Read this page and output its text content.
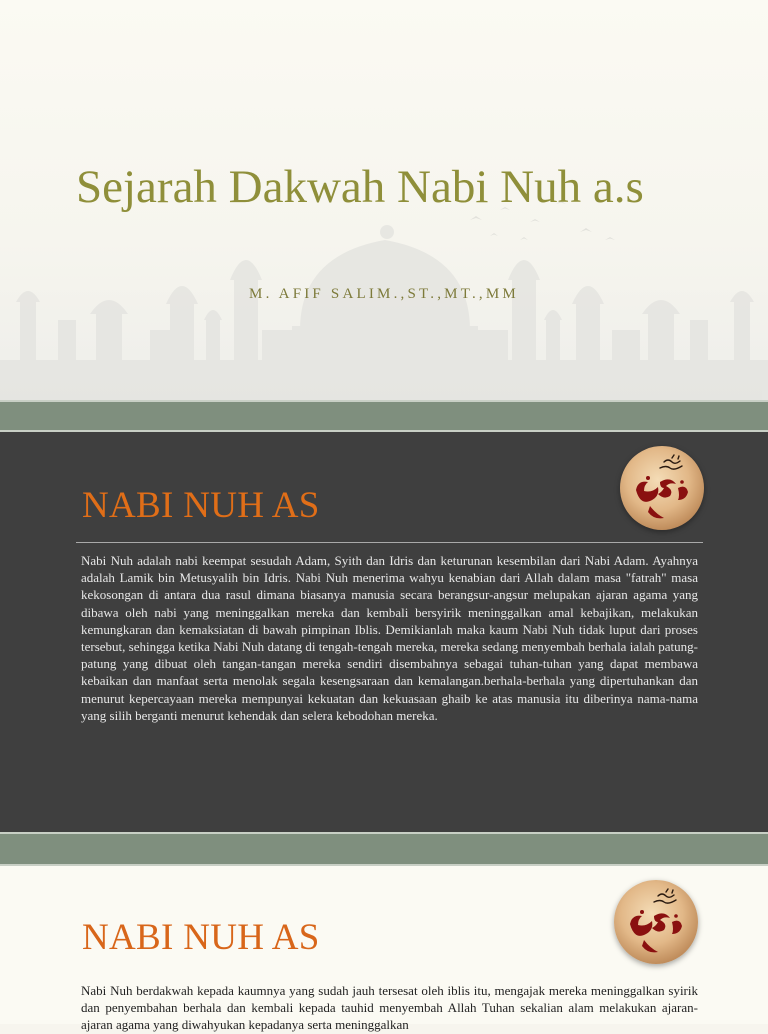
Sejarah Dakwah Nabi Nuh a.s

M. AFIF SALIM.,ST.,MT.,MM

NABI NUH AS

Nabi Nuh adalah nabi keempat sesudah Adam, Syith dan Idris dan keturunan kesembilan dari Nabi Adam. Ayahnya adalah Lamik bin Metusyalih bin Idris. Nabi Nuh menerima wahyu kenabian dari Allah dalam masa "fatrah" masa kekosongan di antara dua rasul dimana biasanya manusia secara berangsur-angsur melupakan ajaran agama yang dibawa oleh nabi yang meninggalkan mereka dan kembali bersyirik meninggalkan amal kebajikan, melakukan kemungkaran dan kemaksiatan di bawah pimpinan Iblis. Demikianlah maka kaum Nabi Nuh tidak luput dari proses tersebut, sehingga ketika Nabi Nuh datang di tengah-tengah mereka, mereka sedang menyembah berhala ialah patung-patung yang dibuat oleh tangan-tangan mereka sendiri disembahnya sebagai tuhan-tuhan yang dapat membawa kebaikan dan manfaat serta menolak segala kesengsaraan dan kemalangan.berhala-berhala yang dipertuhankan dan menurut kepercayaan mereka mempunyai kekuatan dan kekuasaan ghaib ke atas manusia itu diberinya nama-nama yang silih berganti menurut kehendak dan selera kebodohan mereka.

NABI NUH AS

Nabi Nuh berdakwah kepada kaumnya yang sudah jauh tersesat oleh iblis itu, mengajak mereka meninggalkan syirik dan penyembahan berhala dan kembali kepada tauhid menyembah Allah Tuhan sekalian alam melakukan ajaran-ajaran agama yang diwahyukan kepadanya serta meninggalkan
